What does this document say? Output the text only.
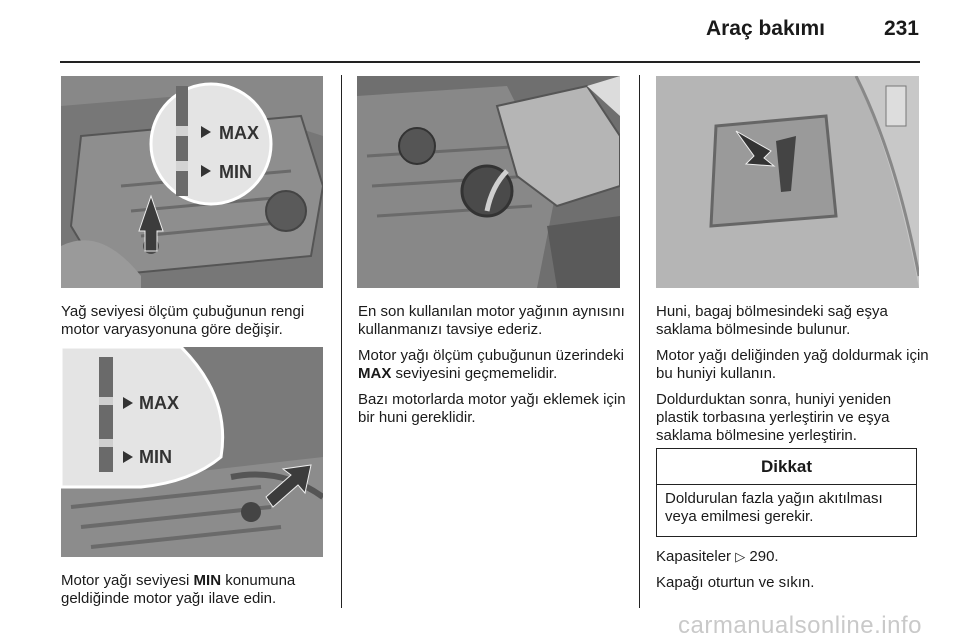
Araç bakımı	231
MAX
MIN

Yağ seviyesi ölçüm çubuğunun rengi motor varyasyonuna göre değişir.

MAX
MIN

Motor yağı seviyesi MIN konumuna geldiğinde motor yağı ilave edin.

En son kullanılan motor yağının aynısını kullanmanızı tavsiye ederiz.

Motor yağı ölçüm çubuğunun üzerindeki MAX seviyesini geçmemelidir.

Bazı motorlarda motor yağı eklemek için bir huni gereklidir.

Huni, bagaj bölmesindeki sağ eşya saklama bölmesinde bulunur.

Motor yağı deliğinden yağ doldurmak için bu huniyi kullanın.

Doldurduktan sonra, huniyi yeniden plastik torbasına yerleştirin ve eşya saklama bölmesine yerleştirin.

Dikkat
Doldurulan fazla yağın akıtılması veya emilmesi gerekir.

Kapasiteler ▷ 290.

Kapağı oturtun ve sıkın.

carmanualsonline.info
